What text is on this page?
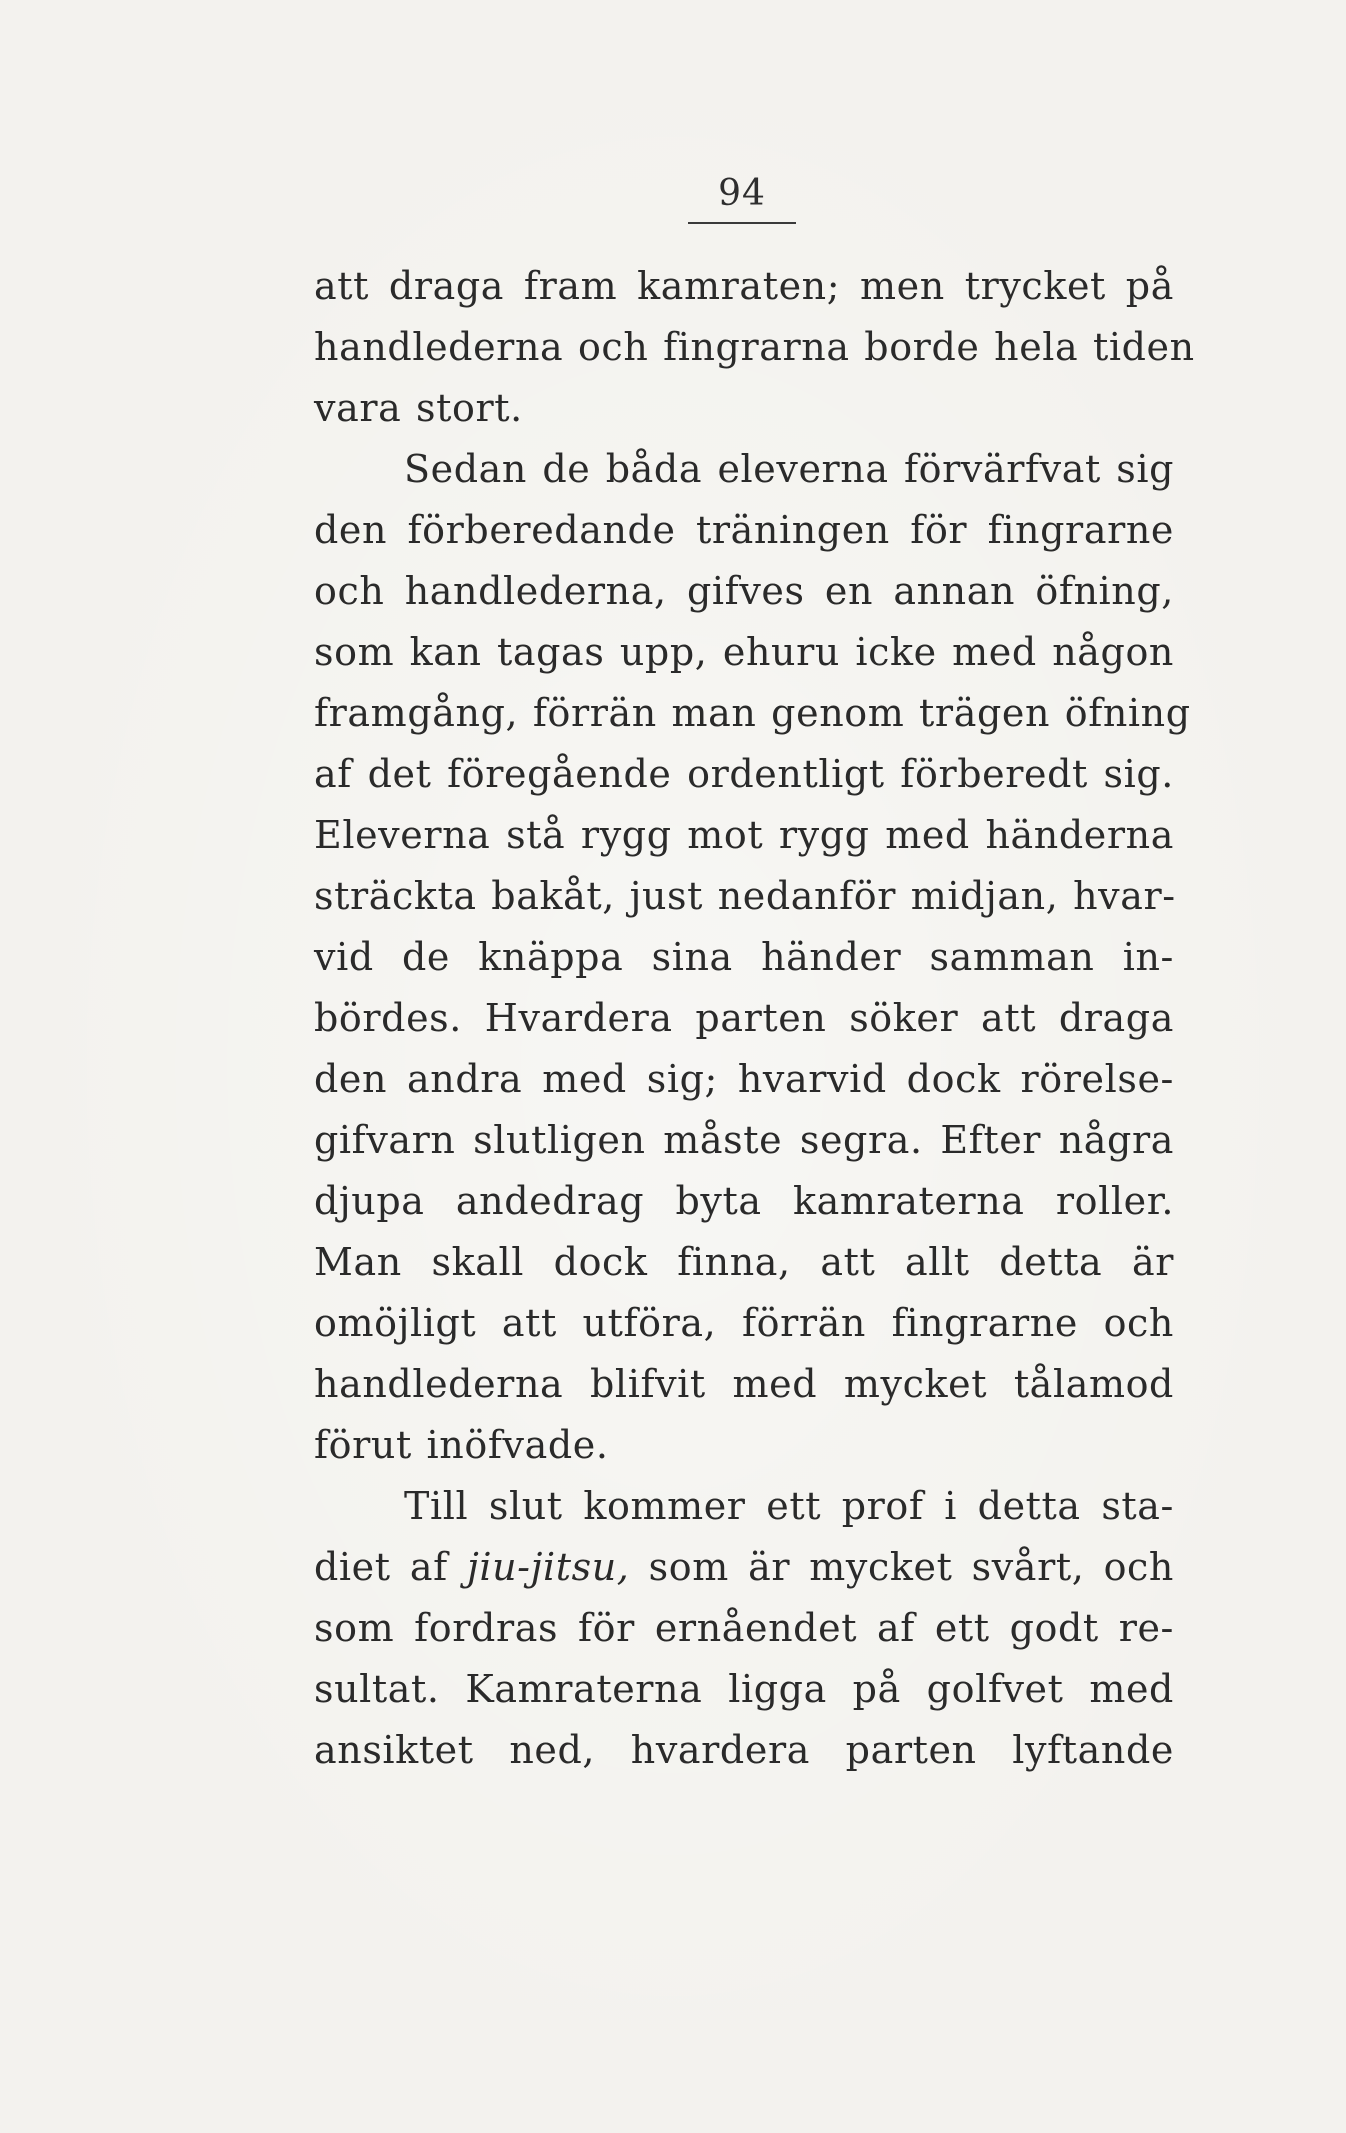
94
att draga fram kamraten; men trycket på
handlederna och fingrarna borde hela tiden
vara stort.
Sedan de båda eleverna förvärfvat sig
den förberedande träningen för fingrarne
och handlederna, gifves en annan öfning,
som kan tagas upp, ehuru icke med någon
framgång, förrän man genom trägen öfning
af det föregående ordentligt förberedt sig.
Eleverna stå rygg mot rygg med händerna
sträckta bakåt, just nedanför midjan, hvar-
vid de knäppa sina händer samman in-
bördes. Hvardera parten söker att draga
den andra med sig; hvarvid dock rörelse-
gifvarn slutligen måste segra. Efter några
djupa andedrag byta kamraterna roller.
Man skall dock finna, att allt detta är
omöjligt att utföra, förrän fingrarne och
handlederna blifvit med mycket tålamod
förut inöfvade.
Till slut kommer ett prof i detta sta-
diet af jiu-jitsu, som är mycket svårt, och
som fordras för ernåendet af ett godt re-
sultat. Kamraterna ligga på golfvet med
ansiktet ned, hvardera parten lyftande
